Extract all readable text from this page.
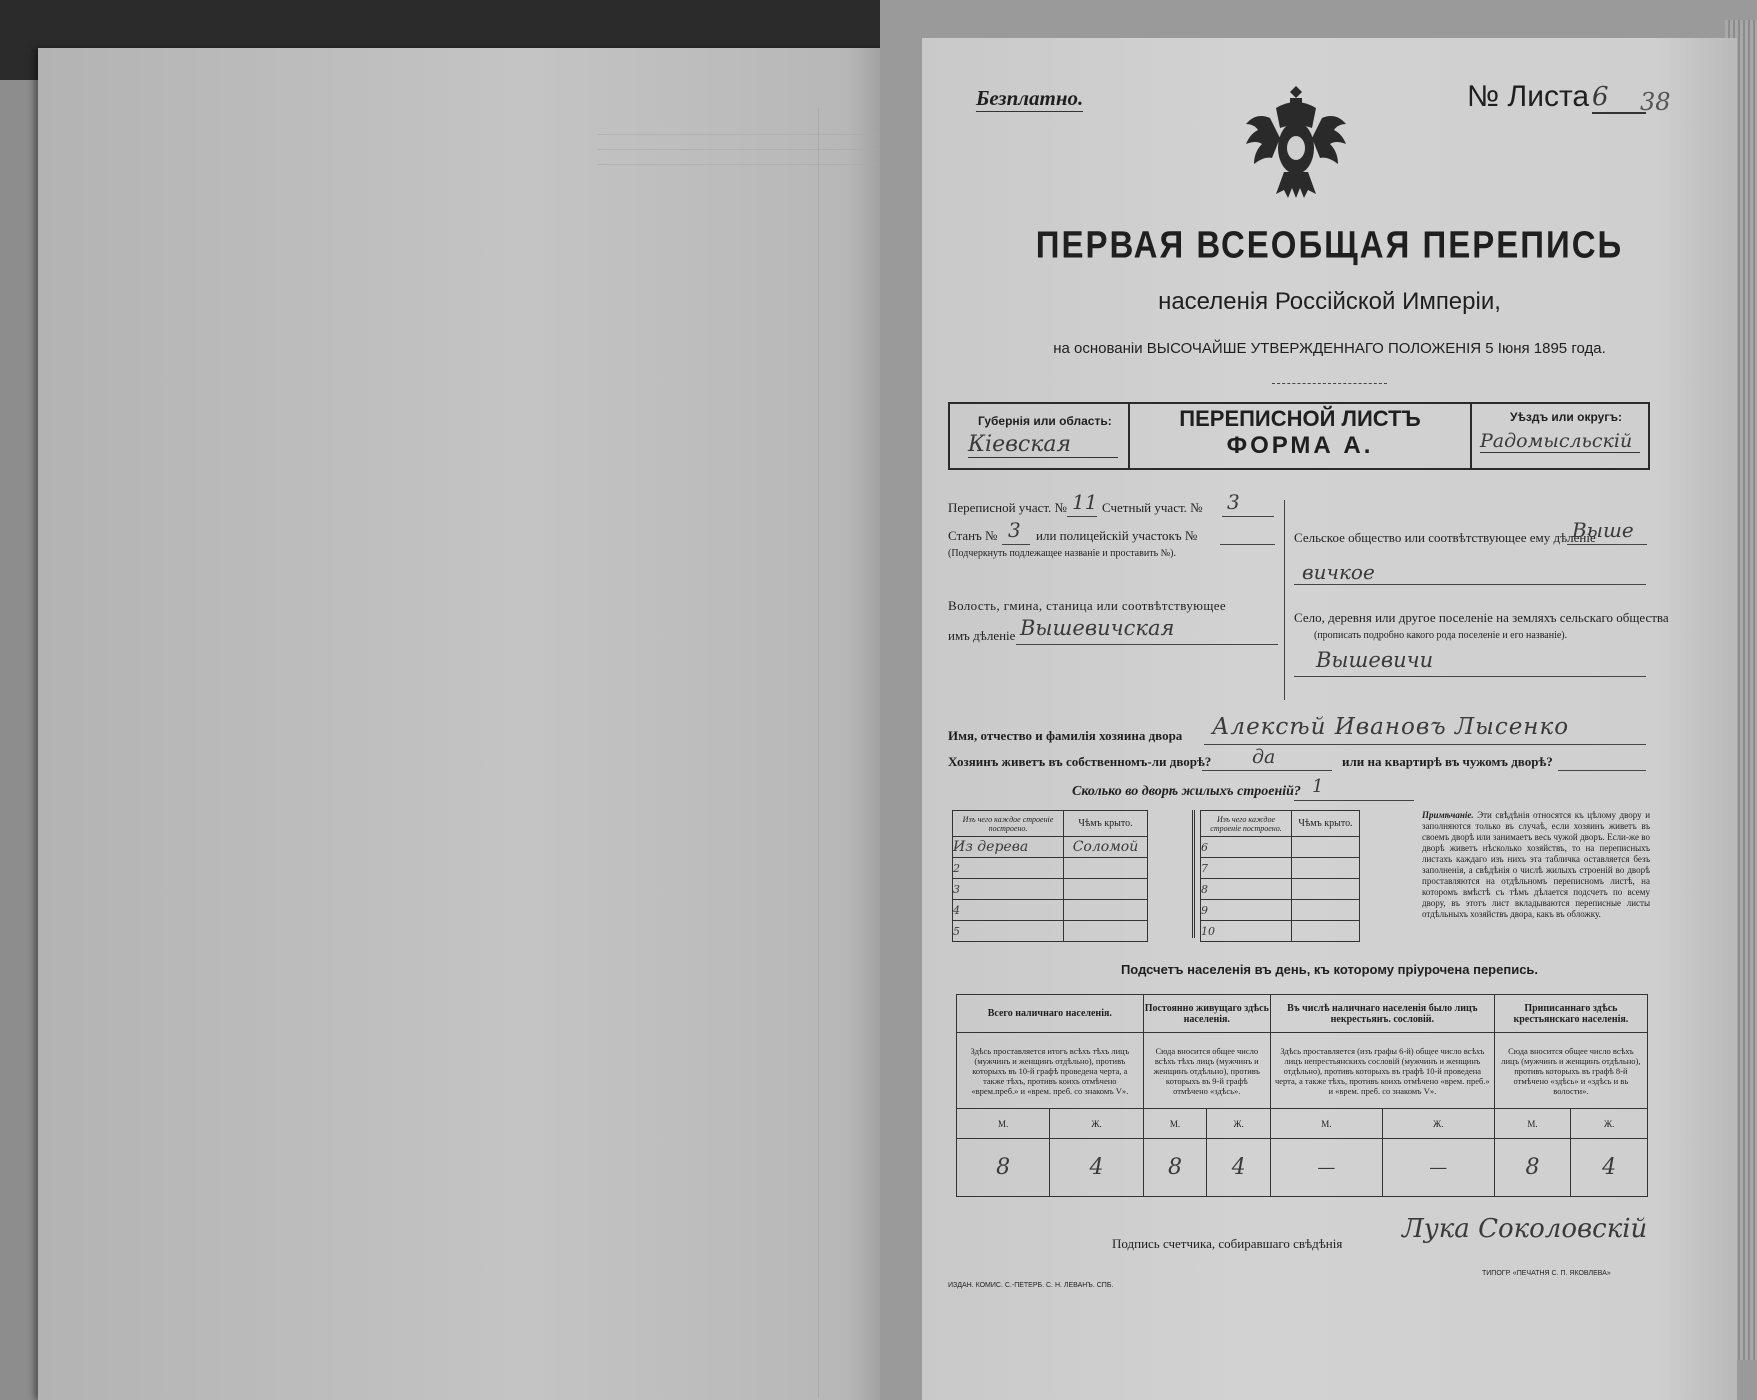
Безплатно.	№ Листа 6	38
ПЕРВАЯ ВСЕОБЩАЯ ПЕРЕПИСЬ
населенія Россійской Имперіи,
на основаніи ВЫСОЧАЙШЕ УТВЕРЖДЕННАГО ПОЛОЖЕНІЯ 5 Іюня 1895 года.
Губернія или область:
Кіевская
ПЕРЕПИСНОЙ ЛИСТЪ
ФОРМА А.
Уѣздъ или округъ:
Радомысльскій
Переписной участ. № 11 Счетный участ. № 3
Станъ № 3 или полицейскій участокъ №
(Подчеркнуть подлежащее названіе и проставить №).
Волость, гмина, станица или соотвѣтствующее
имъ дѣленіе Вышевичская
Сельское общество или соотвѣтствующее ему дѣленіе
Выше
вичкое
Село, деревня или другое поселеніе на земляхъ сельскаго общества
(прописать подробно какого рода поселеніе и его названіе).
Вышевичи
Имя, отчество и фамилія хозяина двора Алексѣй Ивановъ Лысенко
Хозяинъ живетъ въ собственномъ-ли дворѣ? да	или на квартирѣ въ чужомъ дворѣ?
Сколько во дворѣ жилыхъ строеній? 1
Изъ чего каждое строеніе построено.	Чѣмъ крыто.
Из дерева	Соломой
2	
3	
4	
5	
Изъ чего каждое строеніе построено.	Чѣмъ крыто.
6	
7	
8	
9	
10	
Примѣчаніе. Эти свѣдѣнія относятся къ цѣлому двору и заполняются только въ случаѣ, если хозяинъ живетъ въ своемъ дворѣ или занимаетъ весь чужой дворъ. Если-же во дворѣ живетъ нѣсколько хозяйствъ, то на переписныхъ листахъ каждаго изъ нихъ эта табличка оставляется безъ заполненія, а свѣдѣнія о числѣ жилыхъ строеній во дворѣ проставляются на отдѣльномъ переписномъ листѣ, на которомъ вмѣстѣ съ тѣмъ дѣлается подсчетъ по всему двору, въ этотъ лист вкладываются переписные листы отдѣльныхъ хозяйствъ двора, какъ въ обложку.
Подсчетъ населенія въ день, къ которому пріурочена перепись.
Всего наличнаго населенія.		Постоянно живущаго здѣсь населенія.		Въ числѣ наличнаго населенія было лицъ некрестьянъ. сословій.		Приписаннаго здѣсь крестьянскаго населенія.	
Здѣсь проставляется итогъ всѣхъ тѣхъ лицъ (мужчинъ и женщинъ отдѣльно), противъ которыхъ въ 10-й графѣ проведена черта, а также тѣхъ, противъ коихъ отмѣчено «врем.преб.» и «врем. преб. со знакомъ V».		Сюда вносится общее число всѣхъ тѣхъ лицъ (мужчинъ и женщинъ отдѣльно), противъ которыхъ въ 9-й графѣ отмѣчено «здѣсь».		Здѣсь проставляется (изъ графы 6-й) общее число всѣхъ лицъ непрестьянскихъ сословій (мужчинъ и женщинъ отдѣльно), противъ которыхъ въ графѣ 10-й проведена черта, а также тѣхъ, противъ коихъ отмѣчено «врем. преб.» и «врем. преб. со знакомъ V».		Сюда вносится общее число всѣхъ лицъ (мужчинъ и женщинъ отдѣльно), противъ которыхъ въ графѣ 8-й отмѣчено «здѣсь» и «здѣсь и вь волости».	
М.	Ж.	М.	Ж.	М.	Ж.	М.	Ж.
8	4	8	4	—	—	8	4
Подпись счетчика, собиравшаго свѣдѣнія Лука Соколовскій
ИЗДАН. КОМИС. С.-ПЕТЕРБ. С. Н. ЛЕВАНЪ. СПБ.
ТИПОГР. «ПЕЧАТНЯ С. П. ЯКОВЛЕВА»
